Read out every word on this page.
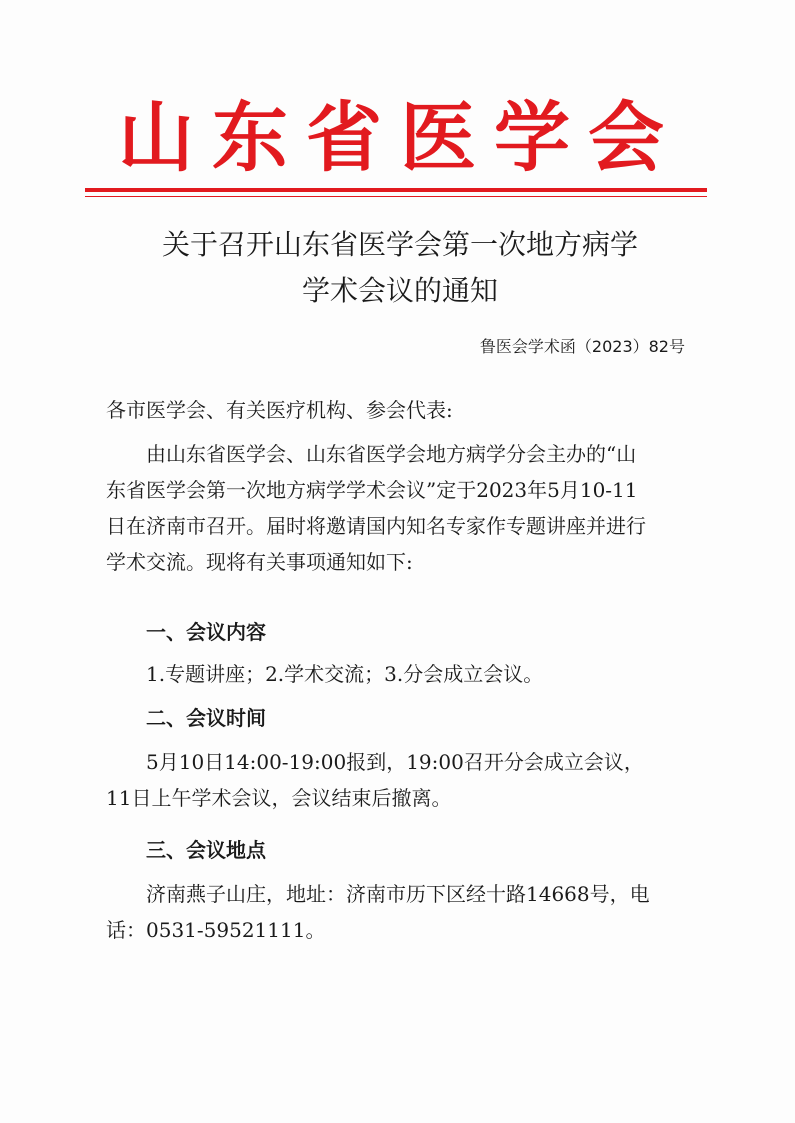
山东省医学会
关于召开山东省医学会第一次地方病学
学术会议的通知
鲁医会学术函（2023）82号
各市医学会、有关医疗机构、参会代表:
由山东省医学会、山东省医学会地方病学分会主办的“山
东省医学会第一次地方病学学术会议”定于2023年5月10-11
日在济南市召开。届时将邀请国内知名专家作专题讲座并进行
学术交流。现将有关事项通知如下:
一、会议内容
1.专题讲座；2.学术交流；3.分会成立会议。
二、会议时间
5月10日14:00-19:00报到，19:00召开分会成立会议，
11日上午学术会议，会议结束后撤离。
三、会议地点
济南燕子山庄，地址：济南市历下区经十路14668号，电
话：0531-59521111。
